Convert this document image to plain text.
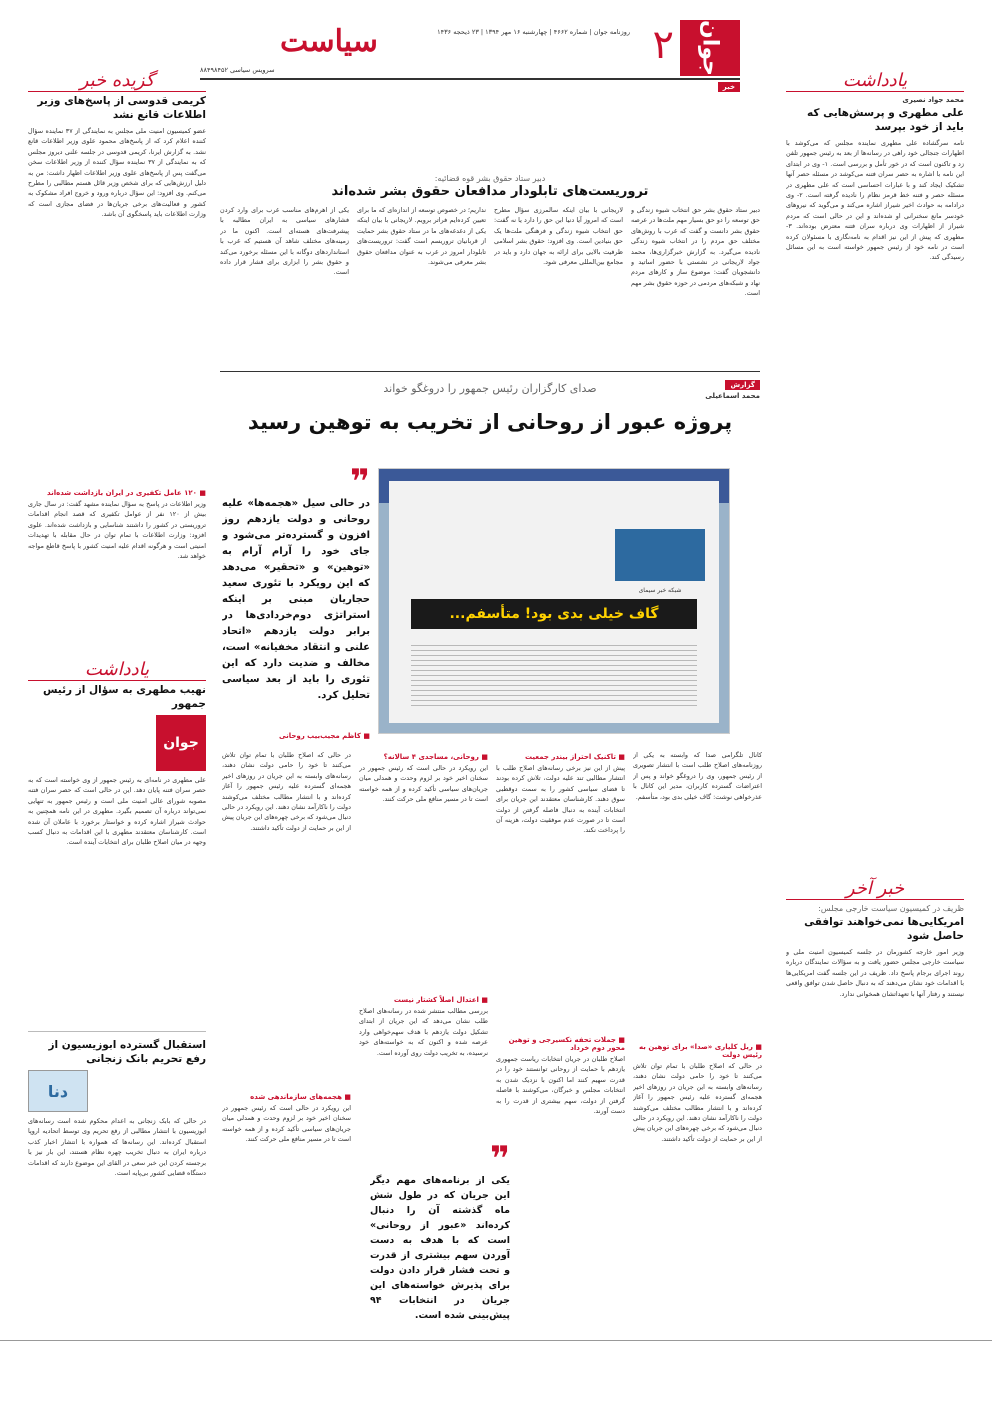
جوان
۲
روزنامه جوان | شماره ۴۶۶۲ | چهارشنبه ۱۶ مهر ۱۳۹۴ | ۲۳ ذیحجه ۱۴۳۶
سیاست
سرویس سیاسی ۸۸۴۹۸۴۵۲
خبر	یادداشت
محمد جواد نصیری
علی مطهری و پرسش‌هایی که باید از خود بپرسد
نامه سرگشاده علی مطهری نماینده مجلس که می‌کوشد با اظهارات جنجالی خود راهی در رسانه‌ها از بعد به رئیس جمهور تلفن زد و تاکنون است که در خور تأمل و بررسی است. ۱- وی در ابتدای این نامه با اشاره به حصر سران فتنه می‌کوشد در مسئله حصر آنها تشکیک ایجاد کند و با عبارات احساسی است که علی مطهری در مسئله حصر و فتنه خط قرمز نظام را نادیده گرفته است. ۲- وی درادامه به حوادث اخیر شیراز اشاره می‌کند و می‌گوید که نیروهای خودسر مانع سخنرانی او شده‌اند و این در حالی است که مردم شیراز از اظهارات وی درباره سران فتنه معترض بوده‌اند. ۳- مطهری که پیش از این نیز اقدام به نامه‌نگاری با مسئولان کرده است در نامه خود از رئیس جمهور خواسته است به این مسائل رسیدگی کند.
خبر آخر
ظریف در کمیسیون سیاست خارجی مجلس:
امریکایی‌ها نمی‌خواهند توافقی حاصل شود
وزیر امور خارجه کشورمان در جلسه کمیسیون امنیت ملی و سیاست خارجی مجلس حضور یافت و به سؤالات نمایندگان درباره روند اجرای برجام پاسخ داد. ظریف در این جلسه گفت امریکایی‌ها با اقدامات خود نشان می‌دهند که به دنبال حاصل شدن توافق واقعی نیستند و رفتار آنها با تعهداتشان همخوانی ندارد.
گزیده خبر
کریمی قدوسی از پاسخ‌های وزیر اطلاعات قانع نشد
عضو کمیسیون امنیت ملی مجلس به نمایندگی از ۳۷ نماینده سؤال کننده اعلام کرد که از پاسخ‌های محمود علوی وزیر اطلاعات قانع نشد. به گزارش ایرنا، کریمی قدوسی در جلسه علنی دیروز مجلس که به نمایندگی از ۳۷ نماینده سؤال کننده از وزیر اطلاعات سخن می‌گفت پس از پاسخ‌های علوی وزیر اطلاعات اظهار داشت: من به دلیل ارزش‌هایی که برای شخص وزیر قائل هستم مطالبی را مطرح می‌کنم. وی افزود: این سؤال درباره ورود و خروج افراد مشکوک به کشور و فعالیت‌های برخی جریان‌ها در فضای مجازی است که وزارت اطلاعات باید پاسخگوی آن باشد.
■ ۱۲۰ عامل تکفیری در ایران بازداشت شده‌اند
وزیر اطلاعات در پاسخ به سؤال نماینده مشهد گفت: در سال جاری بیش از ۱۲۰ نفر از عوامل تکفیری که قصد انجام اقدامات تروریستی در کشور را داشتند شناسایی و بازداشت شده‌اند. علوی افزود: وزارت اطلاعات با تمام توان در حال مقابله با تهدیدات امنیتی است و هرگونه اقدام علیه امنیت کشور با پاسخ قاطع مواجه خواهد شد.
یادداشت
نهیب مطهری به سؤال از رئیس جمهور
جوان
علی مطهری در نامه‌ای به رئیس جمهور از وی خواسته است که به حصر سران فتنه پایان دهد. این در حالی است که حصر سران فتنه مصوبه شورای عالی امنیت ملی است و رئیس جمهور به تنهایی نمی‌تواند درباره آن تصمیم بگیرد. مطهری در این نامه همچنین به حوادث شیراز اشاره کرده و خواستار برخورد با عاملان آن شده است. کارشناسان معتقدند مطهری با این اقدامات به دنبال کسب وجهه در میان اصلاح طلبان برای انتخابات آینده است.
استقبال گسترده ابوزیسیون از رفع تحریم بانک زنجانی
دنا
در حالی که بابک زنجانی به اعدام محکوم شده است رسانه‌های ابوزیسیون با انتشار مطالبی از رفع تحریم وی توسط اتحادیه اروپا استقبال کرده‌اند. این رسانه‌ها که همواره با انتشار اخبار کذب درباره ایران به دنبال تخریب چهره نظام هستند، این بار نیز با برجسته کردن این خبر سعی در القای این موضوع دارند که اقدامات دستگاه قضایی کشور بی‌پایه است.
دبیر ستاد حقوق بشر قوه قضائیه:
تروریست‌های تابلودار مدافعان حقوق بشر شده‌اند
دبیر ستاد حقوق بشر حق انتخاب شیوه زندگی و حق توسعه را دو حق بسیار مهم ملت‌ها در عرصه حقوق بشر دانست و گفت که غرب با روش‌های مختلف حق مردم را در انتخاب شیوه زندگی نادیده می‌گیرد. به گزارش خبرگزاری‌ها، محمد جواد لاریجانی در نشستی با حضور اساتید و دانشجویان گفت: موضوع ساز و کارهای مردم نهاد و شبکه‌های مردمی در حوزه حقوق بشر مهم است.
لاریجانی با بیان اینکه سالمرزی سؤال مطرح است که امروز آیا دنیا ابن حق را دارد یا نه گفت: حق انتخاب شیوه زندگی و فرهنگی ملت‌ها یک حق بنیادین است. وی افزود: حقوق بشر اسلامی ظرفیت بالایی برای ارائه به جهان دارد و باید در مجامع بین‌المللی معرفی شود.
نداریم؛ در خصوص توسعه از اندازه‌ای که ما برای تعیین کرده‌ایم فراتر برویم. لاریجانی با بیان اینکه یکی از دغدغه‌های ما در ستاد حقوق بشر حمایت از قربانیان تروریسم است گفت: تروریست‌های تابلودار امروز در غرب به عنوان مدافعان حقوق بشر معرفی می‌شوند.
یکی از اهرم‌های مناسب غرب برای وارد کردن فشارهای سیاسی به ایران مطالبه با پیشرفت‌های هسته‌ای است. اکنون ما در زمینه‌های مختلف شاهد آن هستیم که غرب با استانداردهای دوگانه با این مسئله برخورد می‌کند و حقوق بشر را ابزاری برای فشار قرار داده است.
گزارش
محمد اسماعیلی
صدای کارگزاران رئیس جمهور را دروغگو خواند
پروژه عبور از روحانی از تخریب به توهین رسید
شبکه خبر سیمای
گاف خیلی بدی بود! متأسفم...
❞
در حالی سیل «هجمه‌ها» علیه روحانی و دولت یازدهم روز افزون و گسترده‌تر می‌شود و جای خود را آرام آرام به «توهین» و «تحقیر» می‌دهد که این رویکرد با تئوری سعید حجاریان مبنی بر اینکه استراتژی دوم‌خردادی‌ها در برابر دولت یازدهم «اتحاد علنی و انتقاد مخفیانه» است، مخالف و ضدیت دارد که این تئوری را باید از بعد سیاسی تحلیل کرد.
■ کاظم مجیب‌بیب روحانی
کانال تلگرامی صدا که وابسته به یکی از روزنامه‌های اصلاح طلب است با انتشار تصویری از رئیس جمهور، وی را دروغگو خواند و پس از اعتراضات گسترده کاربران، مدیر این کانال با عذرخواهی نوشت: گاف خیلی بدی بود، متأسفم.
■ ربل کلیاری «صدا» برای توهین به رئیس دولت
در حالی که اصلاح طلبان با تمام توان تلاش می‌کنند تا خود را حامی دولت نشان دهند، رسانه‌های وابسته به این جریان در روزهای اخیر هجمه‌ای گسترده علیه رئیس جمهور را آغاز کرده‌اند و با انتشار مطالب مختلف می‌کوشند دولت را ناکارآمد نشان دهند. این رویکرد در حالی دنبال می‌شود که برخی چهره‌های این جریان پیش از این بر حمایت از دولت تأکید داشتند.
■ تاکنیک احتراز بیندر جمعیت
پیش از این نیز برخی رسانه‌های اصلاح طلب با انتشار مطالبی تند علیه دولت، تلاش کرده بودند تا فضای سیاسی کشور را به سمت دوقطبی سوق دهند. کارشناسان معتقدند این جریان برای انتخابات آینده به دنبال فاصله گرفتن از دولت است تا در صورت عدم موفقیت دولت، هزینه آن را پرداخت نکند.
■ جملات تحفه نکسیرجی و توهین محور دوم خرداد
اصلاح طلبان در جریان انتخابات ریاست جمهوری یازدهم با حمایت از روحانی توانستند خود را در قدرت سهیم کنند اما اکنون با نزدیک شدن به انتخابات مجلس و خبرگان، می‌کوشند با فاصله گرفتن از دولت، سهم بیشتری از قدرت را به دست آورند.
■ روحانی، مساجدی ۴ سالانه؟
این رویکرد در حالی است که رئیس جمهور در سخنان اخیر خود بر لزوم وحدت و همدلی میان جریان‌های سیاسی تأکید کرده و از همه خواسته است تا در مسیر منافع ملی حرکت کنند.
■ اعتدال اصلاً کشتار نیست
بررسی مطالب منتشر شده در رسانه‌های اصلاح طلب نشان می‌دهد که این جریان از ابتدای تشکیل دولت یازدهم با هدف سهم‌خواهی وارد عرصه شده و اکنون که به خواسته‌های خود نرسیده، به تخریب دولت روی آورده است.
در حالی که اصلاح طلبان با تمام توان تلاش می‌کنند تا خود را حامی دولت نشان دهند، رسانه‌های وابسته به این جریان در روزهای اخیر هجمه‌ای گسترده علیه رئیس جمهور را آغاز کرده‌اند و با انتشار مطالب مختلف می‌کوشند دولت را ناکارآمد نشان دهند. این رویکرد در حالی دنبال می‌شود که برخی چهره‌های این جریان پیش از این بر حمایت از دولت تأکید داشتند.
■ هجمه‌های سازماندهی شده
این رویکرد در حالی است که رئیس جمهور در سخنان اخیر خود بر لزوم وحدت و همدلی میان جریان‌های سیاسی تأکید کرده و از همه خواسته است تا در مسیر منافع ملی حرکت کنند.	❞
یکی از برنامه‌های مهم دیگر این جریان که در طول شش ماه گذشته آن را دنبال کرده‌اند «عبور از روحانی» است که با هدف به دست آوردن سهم بیشتری از قدرت و تحت فشار قرار دادن دولت برای پذیرش خواسته‌های این جریان در انتخابات ۹۴ پیش‌بینی شده است.
